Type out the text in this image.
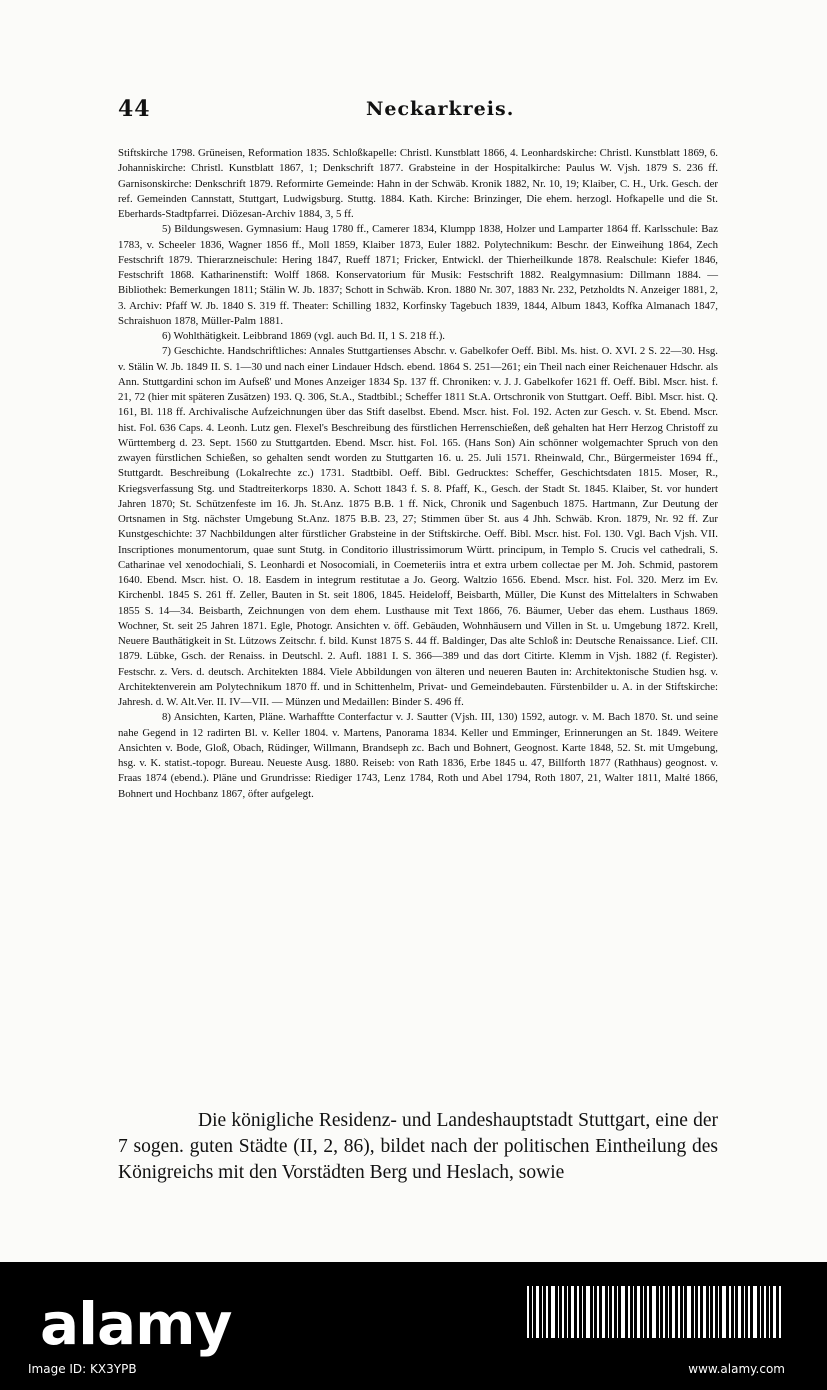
44	Neckarkreis.

Stiftskirche 1798. Grüneisen, Reformation 1835. Schloßkapelle: Christl. Kunstblatt 1866, 4. Leonhardskirche: Christl. Kunstblatt 1869, 6. Johanniskirche: Christl. Kunstblatt 1867, 1; Denkschrift 1877. Grabsteine in der Hospitalkirche: Paulus W. Vjsh. 1879 S. 236 ff. Garnisonskirche: Denkschrift 1879. Reformirte Gemeinde: Hahn in der Schwäb. Kronik 1882, Nr. 10, 19; Klaiber, C. H., Urk. Gesch. der ref. Gemeinden Cannstatt, Stuttgart, Ludwigsburg. Stuttg. 1884. Kath. Kirche: Brinzinger, Die ehem. herzogl. Hofkapelle und die St. Eberhards-Stadtpfarrei. Diözesan-Archiv 1884, 3, 5 ff.

5) Bildungswesen. Gymnasium: Haug 1780 ff., Camerer 1834, Klumpp 1838, Holzer und Lamparter 1864 ff. Karlsschule: Baz 1783, v. Scheeler 1836, Wagner 1856 ff., Moll 1859, Klaiber 1873, Euler 1882. Polytechnikum: Beschr. der Einweihung 1864, Zech Festschrift 1879. Thierarzneischule: Hering 1847, Rueff 1871; Fricker, Entwickl. der Thierheilkunde 1878. Realschule: Kiefer 1846, Festschrift 1868. Katharinenstift: Wolff 1868. Konservatorium für Musik: Festschrift 1882. Realgymnasium: Dillmann 1884. — Bibliothek: Bemerkungen 1811; Stälin W. Jb. 1837; Schott in Schwäb. Kron. 1880 Nr. 307, 1883 Nr. 232, Petzholdts N. Anzeiger 1881, 2, 3. Archiv: Pfaff W. Jb. 1840 S. 319 ff. Theater: Schilling 1832, Korfinsky Tagebuch 1839, 1844, Album 1843, Koffka Almanach 1847, Schraishuon 1878, Müller-Palm 1881.

6) Wohlthätigkeit. Leibbrand 1869 (vgl. auch Bd. II, 1 S. 218 ff.).

7) Geschichte. Handschriftliches: Annales Stuttgartienses Abschr. v. Gabelkofer Oeff. Bibl. Ms. hist. O. XVI. 2 S. 22—30. Hsg. v. Stälin W. Jb. 1849 II. S. 1—30 und nach einer Lindauer Hdsch. ebend. 1864 S. 251—261; ein Theil nach einer Reichenauer Hdschr. als Ann. Stuttgardini schon im Aufseß' und Mones Anzeiger 1834 Sp. 137 ff. Chroniken: v. J. J. Gabelkofer 1621 ff. Oeff. Bibl. Mscr. hist. f. 21, 72 (hier mit späteren Zusätzen) 193. Q. 306, St.A., Stadtbibl.; Scheffer 1811 St.A. Ortschronik von Stuttgart. Oeff. Bibl. Mscr. hist. Q. 161, Bl. 118 ff. Archivalische Aufzeichnungen über das Stift daselbst. Ebend. Mscr. hist. Fol. 192. Acten zur Gesch. v. St. Ebend. Mscr. hist. Fol. 636 Caps. 4. Leonh. Lutz gen. Flexel's Beschreibung des fürstlichen Herrenschießen, deß gehalten hat Herr Herzog Christoff zu Württemberg d. 23. Sept. 1560 zu Stuttgartden. Ebend. Mscr. hist. Fol. 165. (Hans Son) Ain schönner wolgemachter Spruch von den zwayen fürstlichen Schießen, so gehalten sendt worden zu Stuttgarten 16. u. 25. Juli 1571. Rheinwald, Chr., Bürgermeister 1694 ff., Stuttgardt. Beschreibung (Lokalrechte zc.) 1731. Stadtbibl. Oeff. Bibl. Gedrucktes: Scheffer, Geschichtsdaten 1815. Moser, R., Kriegsverfassung Stg. und Stadtreiterkorps 1830. A. Schott 1843 f. S. 8. Pfaff, K., Gesch. der Stadt St. 1845. Klaiber, St. vor hundert Jahren 1870; St. Schützenfeste im 16. Jh. St.Anz. 1875 B.B. 1 ff. Nick, Chronik und Sagenbuch 1875. Hartmann, Zur Deutung der Ortsnamen in Stg. nächster Umgebung St.Anz. 1875 B.B. 23, 27; Stimmen über St. aus 4 Jhh. Schwäb. Kron. 1879, Nr. 92 ff. Zur Kunstgeschichte: 37 Nachbildungen alter fürstlicher Grabsteine in der Stiftskirche. Oeff. Bibl. Mscr. hist. Fol. 130. Vgl. Bach Vjsh. VII. Inscriptiones monumentorum, quae sunt Stutg. in Conditorio illustrissimorum Württ. principum, in Templo S. Crucis vel cathedrali, S. Catharinae vel xenodochiali, S. Leonhardi et Nosocomiali, in Coemeteriis intra et extra urbem collectae per M. Joh. Schmid, pastorem 1640. Ebend. Mscr. hist. O. 18. Easdem in integrum restitutae a Jo. Georg. Waltzio 1656. Ebend. Mscr. hist. Fol. 320. Merz im Ev. Kirchenbl. 1845 S. 261 ff. Zeller, Bauten in St. seit 1806, 1845. Heideloff, Beisbarth, Müller, Die Kunst des Mittelalters in Schwaben 1855 S. 14—34. Beisbarth, Zeichnungen von dem ehem. Lusthause mit Text 1866, 76. Bäumer, Ueber das ehem. Lusthaus 1869. Wochner, St. seit 25 Jahren 1871. Egle, Photogr. Ansichten v. öff. Gebäuden, Wohnhäusern und Villen in St. u. Umgebung 1872. Krell, Neuere Bauthätigkeit in St. Lützows Zeitschr. f. bild. Kunst 1875 S. 44 ff. Baldinger, Das alte Schloß in: Deutsche Renaissance. Lief. CII. 1879. Lübke, Gsch. der Renaiss. in Deutschl. 2. Aufl. 1881 I. S. 366—389 und das dort Citirte. Klemm in Vjsh. 1882 (f. Register). Festschr. z. Vers. d. deutsch. Architekten 1884. Viele Abbildungen von älteren und neueren Bauten in: Architektonische Studien hsg. v. Architektenverein am Polytechnikum 1870 ff. und in Schittenhelm, Privat- und Gemeindebauten. Fürstenbilder u. A. in der Stiftskirche: Jahresh. d. W. Alt.Ver. II. IV—VII. — Münzen und Medaillen: Binder S. 496 ff.

8) Ansichten, Karten, Pläne. Warhafftte Conterfactur v. J. Sautter (Vjsh. III, 130) 1592, autogr. v. M. Bach 1870. St. und seine nahe Gegend in 12 radirten Bl. v. Keller 1804. v. Martens, Panorama 1834. Keller und Emminger, Erinnerungen an St. 1849. Weitere Ansichten v. Bode, Gloß, Obach, Rüdinger, Willmann, Brandseph zc. Bach und Bohnert, Geognost. Karte 1848, 52. St. mit Umgebung, hsg. v. K. statist.-topogr. Bureau. Neueste Ausg. 1880. Reiseb: von Rath 1836, Erbe 1845 u. 47, Billforth 1877 (Rathhaus) geognost. v. Fraas 1874 (ebend.). Pläne und Grundrisse: Riediger 1743, Lenz 1784, Roth und Abel 1794, Roth 1807, 21, Walter 1811, Malté 1866, Bohnert und Hochbanz 1867, öfter aufgelegt.

Die königliche Residenz- und Landeshauptstadt Stuttgart, eine der 7 sogen. guten Städte (II, 2, 86), bildet nach der politischen Eintheilung des Königreichs mit den Vorstädten Berg und Heslach, sowie

alamy
Image ID: KX3YPB	www.alamy.com
